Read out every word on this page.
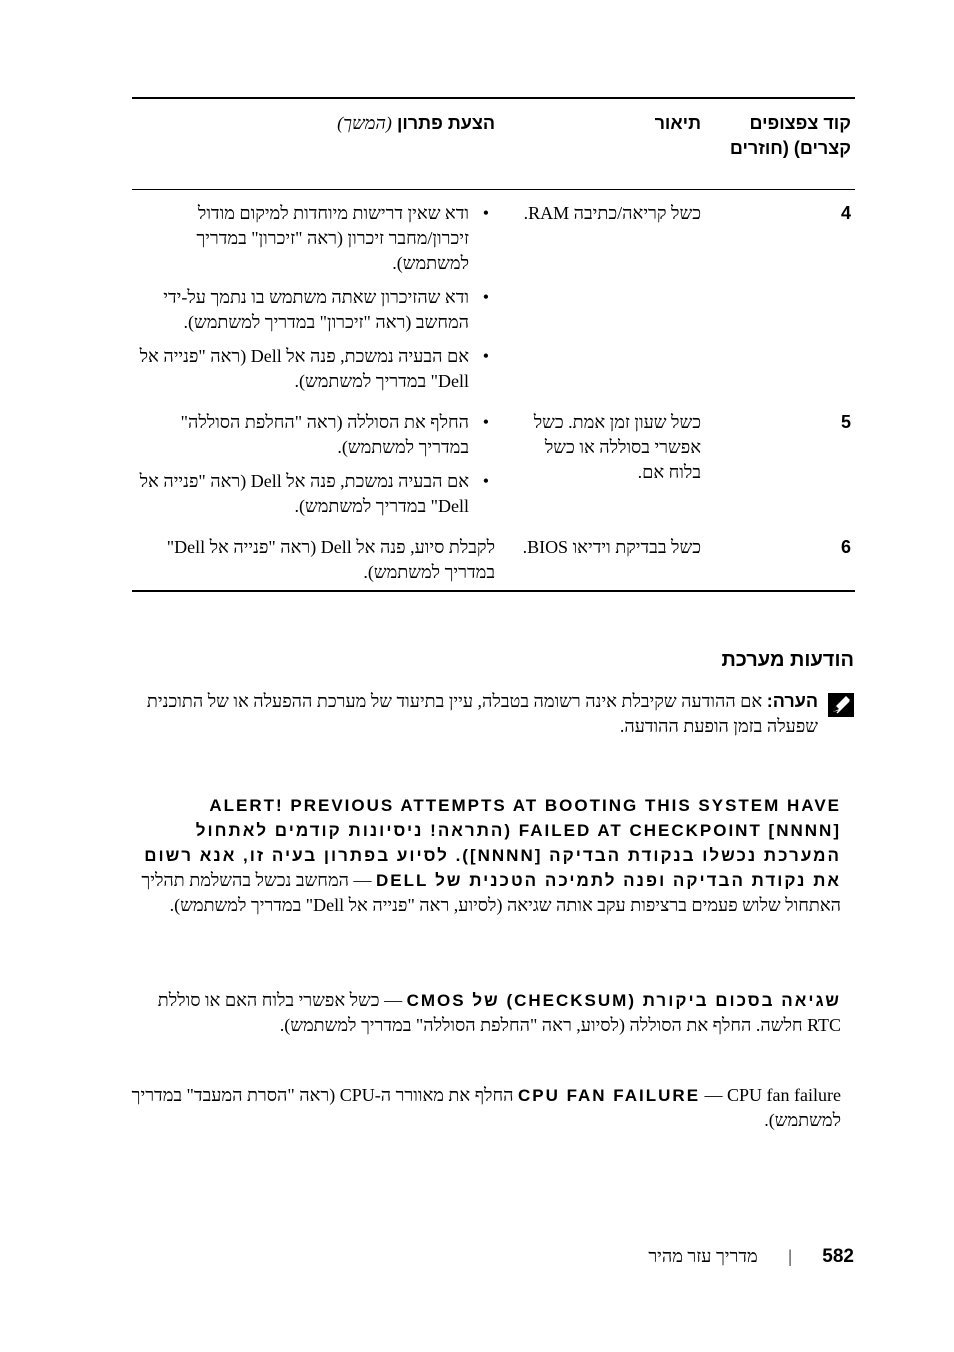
קוד צפצופים קצרים) (חוזרים
תיאור
הצעת פתרון (המשך)
4
כשל קריאה/כתיבה RAM.
• ודא שאין דרישות מיוחדות למיקום מודול זיכרון/מחבר זיכרון (ראה "זיכרון" במדריך למשתמש).
• ודא שהזיכרון שאתה משתמש בו נתמך על-ידי המחשב (ראה "זיכרון" במדריך למשתמש).
• אם הבעיה נמשכת, פנה אל Dell (ראה "פנייה אל Dell" במדריך למשתמש).
5
כשל שעון זמן אמת. כשל אפשרי בסוללה או כשל בלוח אם.
• החלף את הסוללה (ראה "החלפת הסוללה" במדריך למשתמש).
• אם הבעיה נמשכת, פנה אל Dell (ראה "פנייה אל Dell" במדריך למשתמש).
6
כשל בבדיקת וידיאו BIOS.

לקבלת סיוע, פנה אל Dell (ראה "פנייה אל Dell" במדריך למשתמש).

הודעות מערכת
הערה: אם ההודעה שקיבלת אינה רשומה בטבלה, עיין בתיעוד של מערכת ההפעלה או של התוכנית שפעלה בזמן הופעת ההודעה.
ALERT! PREVIOUS ATTEMPTS AT BOOTING THIS SYSTEM HAVE FAILED AT CHECKPOINT [NNNN] (התראה! ניסיונות קודמים לאתחול המערכת נכשלו בנקודת הבדיקה [NNNN]). לסיוע בפתרון בעיה זו, אנא רשום את נקודת הבדיקה ופנה לתמיכה הטכנית של DELL — המחשב נכשל בהשלמת תהליך האתחול שלוש פעמים ברציפות עקב אותה שגיאה (לסיוע, ראה "פנייה אל Dell" במדריך למשתמש).
שגיאה בסכום ביקורת (CHECKSUM) של CMOS — כשל אפשרי בלוח האם או סוללת RTC חלשה. החלף את הסוללה (לסיוע, ראה "החלפת הסוללה" במדריך למשתמש).
CPU FAN FAILURE — CPU fan failure החלף את מאוורר ה-CPU (ראה "הסרת המעבד" במדריך למשתמש).
582 | מדריך עזר מהיר
